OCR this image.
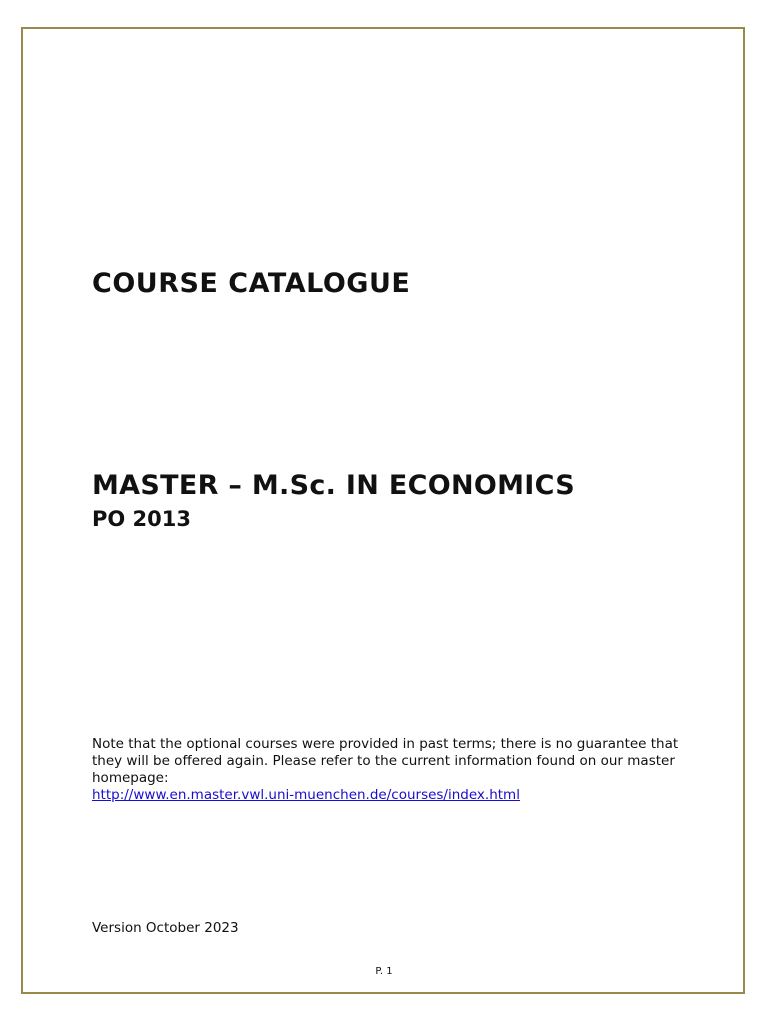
COURSE CATALOGUE
MASTER – M.Sc. IN ECONOMICS
PO 2013

Note that the optional courses were provided in past terms; there is no guarantee that they will be offered again. Please refer to the current information found on our master homepage:
http://www.en.master.vwl.uni-muenchen.de/courses/index.html

Version October 2023

P. 1
